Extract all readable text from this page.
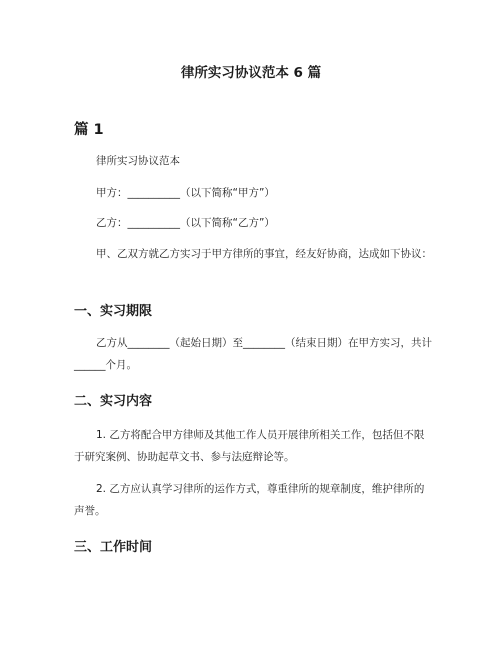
律所实习协议范本 6 篇
篇 1
律所实习协议范本
甲方：__________（以下简称“甲方”）
乙方：__________（以下简称“乙方”）
甲、乙双方就乙方实习于甲方律所的事宜，经友好协商，达成如下协议：
一、实习期限
乙方从________（起始日期）至________（结束日期）在甲方实习，共计______个月。
二、实习内容
1. 乙方将配合甲方律师及其他工作人员开展律所相关工作，包括但不限于研究案例、协助起草文书、参与法庭辩论等。
2. 乙方应认真学习律所的运作方式，尊重律所的规章制度，维护律所的声誉。
三、工作时间
